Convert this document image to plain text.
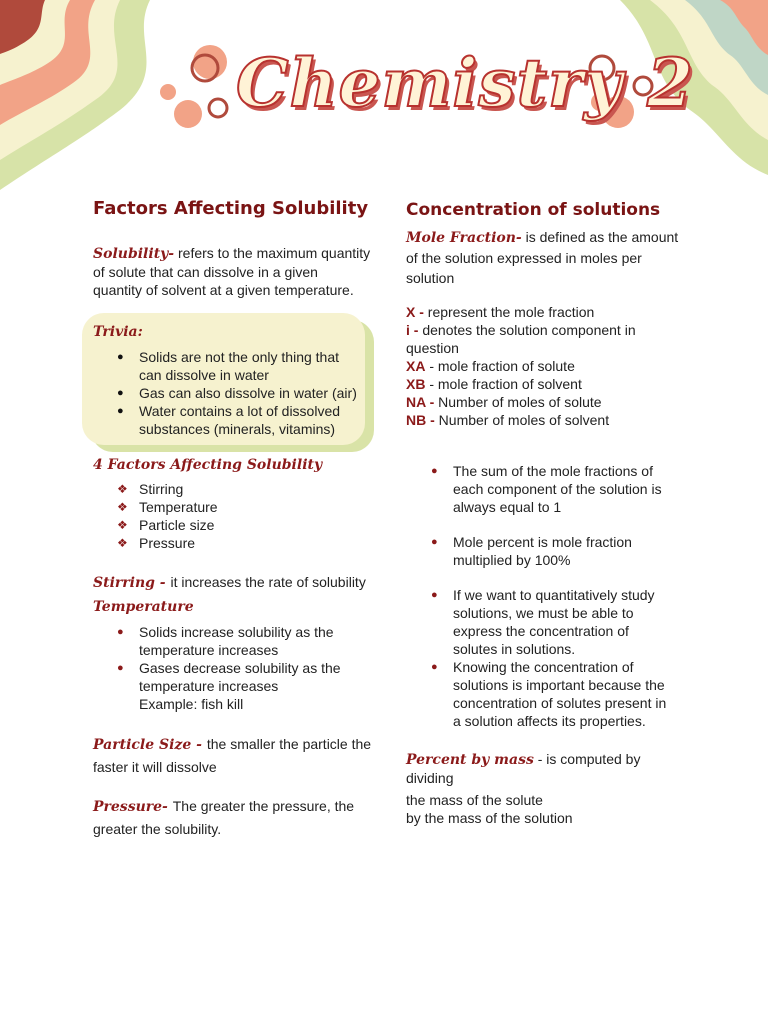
Chemistry 2
Factors Affecting Solubility
Solubility- refers to the maximum quantity
of solute that can dissolve in a given
quantity of solvent at a given temperature.
Trivia:
● Solids are not the only thing that
can dissolve in water
● Gas can also dissolve in water (air)
● Water contains a lot of dissolved
substances (minerals, vitamins)
4 Factors Affecting Solubility
❖ Stirring
❖ Temperature
❖ Particle size
❖ Pressure
Stirring - it increases the rate of solubility
Temperature
● Solids increase solubility as the
temperature increases
● Gases decrease solubility as the
temperature increases
Example: fish kill
Particle Size - the smaller the particle the
faster it will dissolve
Pressure- The greater the pressure, the
greater the solubility.
Concentration of solutions
Mole Fraction- is defined as the amount
of the solution expressed in moles per
solution
X - represent the mole fraction
i - denotes the solution component in
question
XA - mole fraction of solute
XB - mole fraction of solvent
NA - Number of moles of solute
NB - Number of moles of solvent
● The sum of the mole fractions of
each component of the solution is
always equal to 1
● Mole percent is mole fraction
multiplied by 100%
● If we want to quantitatively study
solutions, we must be able to
express the concentration of
solutes in solutions.
● Knowing the concentration of
solutions is important because the
concentration of solutes present in
a solution affects its properties.
Percent by mass - is computed by dividing
the mass of the solute
by the mass of the solution
